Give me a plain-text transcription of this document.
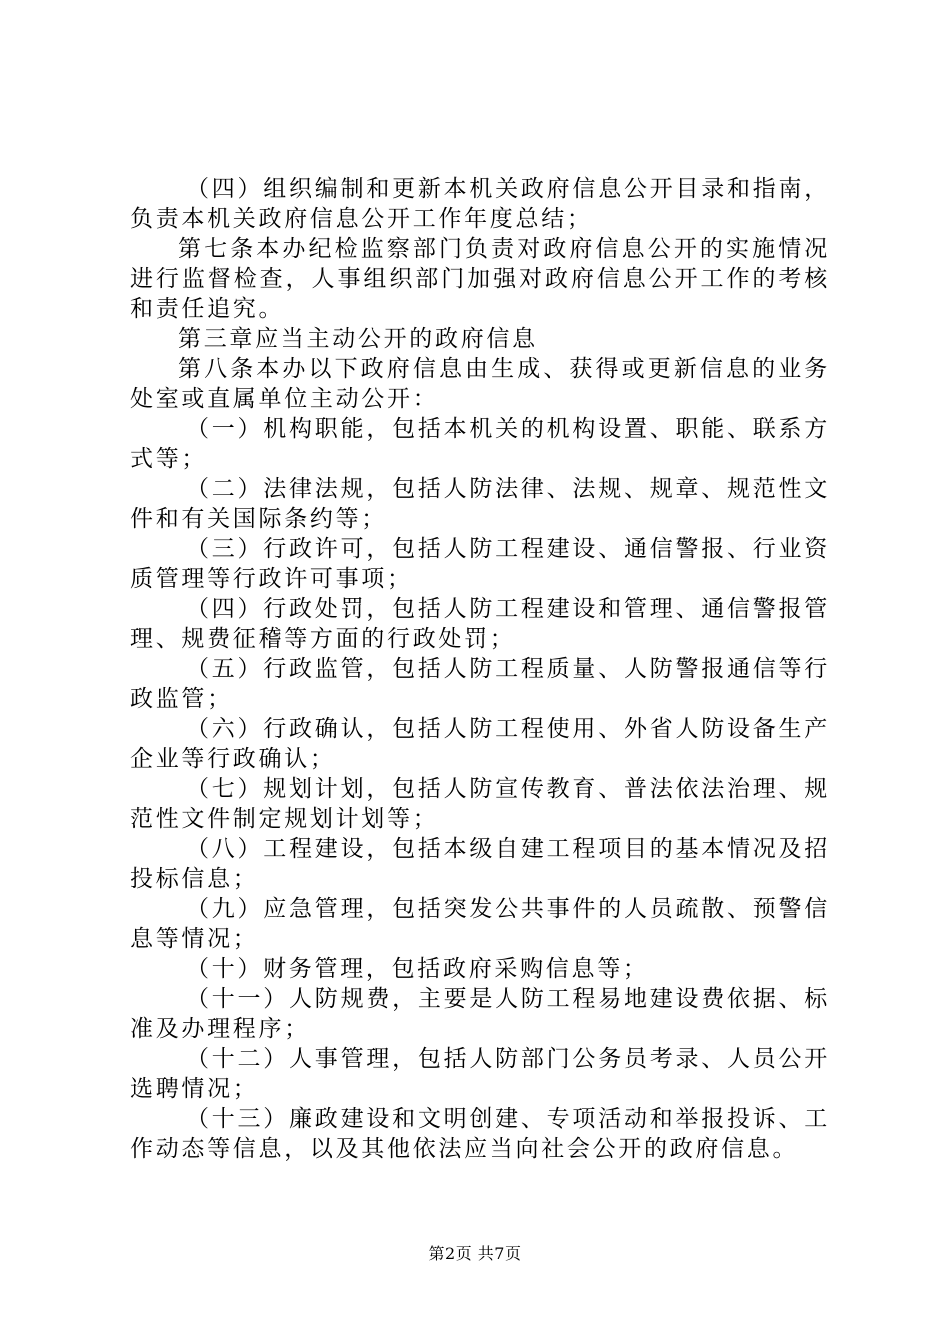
（四）组织编制和更新本机关政府信息公开目录和指南，负责本机关政府信息公开工作年度总结；

第七条本办纪检监察部门负责对政府信息公开的实施情况进行监督检查，人事组织部门加强对政府信息公开工作的考核和责任追究。

第三章应当主动公开的政府信息

第八条本办以下政府信息由生成、获得或更新信息的业务处室或直属单位主动公开：

（一）机构职能，包括本机关的机构设置、职能、联系方式等；

（二）法律法规，包括人防法律、法规、规章、规范性文件和有关国际条约等；

（三）行政许可，包括人防工程建设、通信警报、行业资质管理等行政许可事项；

（四）行政处罚，包括人防工程建设和管理、通信警报管理、规费征稽等方面的行政处罚；

（五）行政监管，包括人防工程质量、人防警报通信等行政监管；

（六）行政确认，包括人防工程使用、外省人防设备生产企业等行政确认；

（七）规划计划，包括人防宣传教育、普法依法治理、规范性文件制定规划计划等；

（八）工程建设，包括本级自建工程项目的基本情况及招投标信息；

（九）应急管理，包括突发公共事件的人员疏散、预警信息等情况；

（十）财务管理，包括政府采购信息等；

（十一）人防规费，主要是人防工程易地建设费依据、标准及办理程序；

（十二）人事管理，包括人防部门公务员考录、人员公开选聘情况；

（十三）廉政建设和文明创建、专项活动和举报投诉、工作动态等信息，以及其他依法应当向社会公开的政府信息。

第2页 共7页
